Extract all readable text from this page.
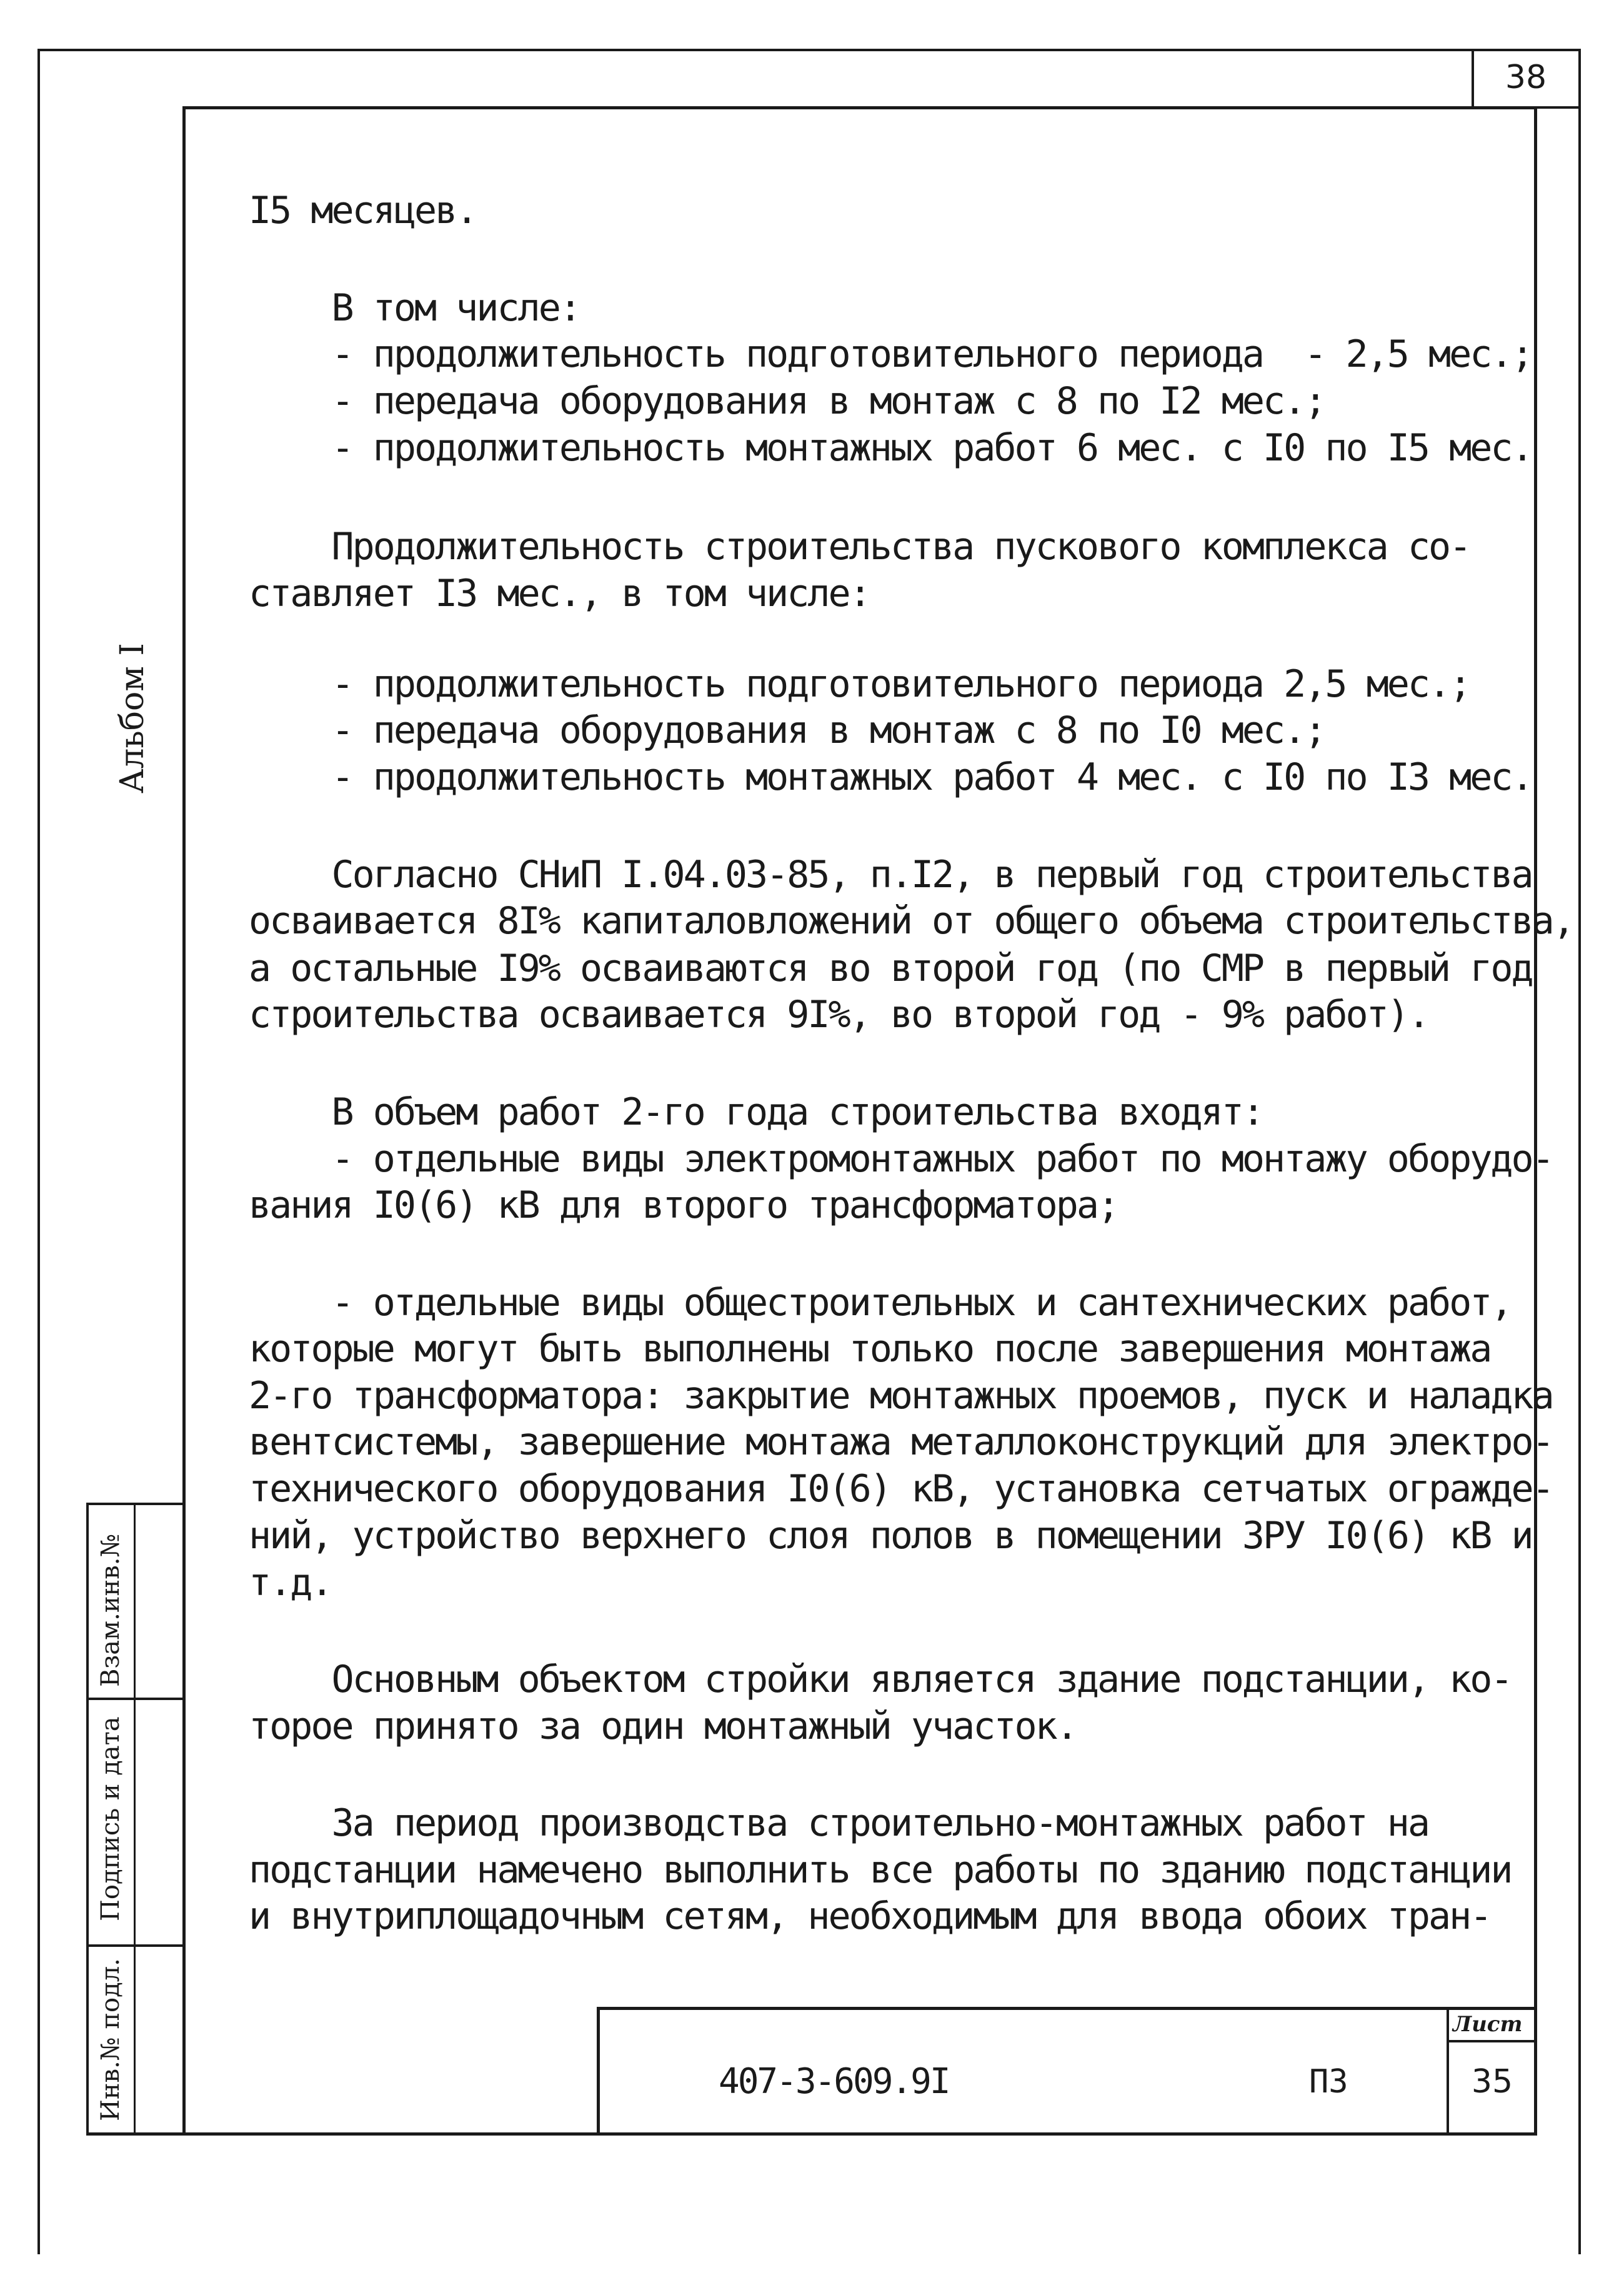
38
Инв.№ подл.
Подпись и дата
Взам.инв.№
Альбом I
407-3-609.9I	ПЗ
Лист
35
I5 месяцев.
В том числе:
- продолжительность подготовительного периода  - 2,5 мес.;
- передача оборудования в монтаж с 8 по I2 мес.;
- продолжительность монтажных работ 6 мес. с I0 по I5 мес.
Продолжительность строительства пускового комплекса со-
ставляет I3 мес., в том числе:
- продолжительность подготовительного периода 2,5 мес.;
- передача оборудования в монтаж с 8 по I0 мес.;
- продолжительность монтажных работ 4 мес. с I0 по I3 мес.
Согласно СНиП I.04.03-85, п.I2, в первый год строительства
осваивается 8I% капиталовложений от общего объема строительства,
а остальные I9% осваиваются во второй год (по СМР в первый год
строительства осваивается 9I%, во второй год - 9% работ).
В объем работ 2-го года строительства входят:
- отдельные виды электромонтажных работ по монтажу оборудо-
вания I0(6) кВ для второго трансформатора;
- отдельные виды общестроительных и сантехнических работ,
которые могут быть выполнены только после завершения монтажа
2-го трансформатора: закрытие монтажных проемов, пуск и наладка
вентсистемы, завершение монтажа металлоконструкций для электро-
технического оборудования I0(6) кВ, установка сетчатых огражде-
ний, устройство верхнего слоя полов в помещении ЗРУ I0(6) кВ и
т.д.
Основным объектом стройки является здание подстанции, ко-
торое принято за один монтажный участок.
За период производства строительно-монтажных работ на
подстанции намечено выполнить все работы по зданию подстанции
и внутриплощадочным сетям, необходимым для ввода обоих тран-
